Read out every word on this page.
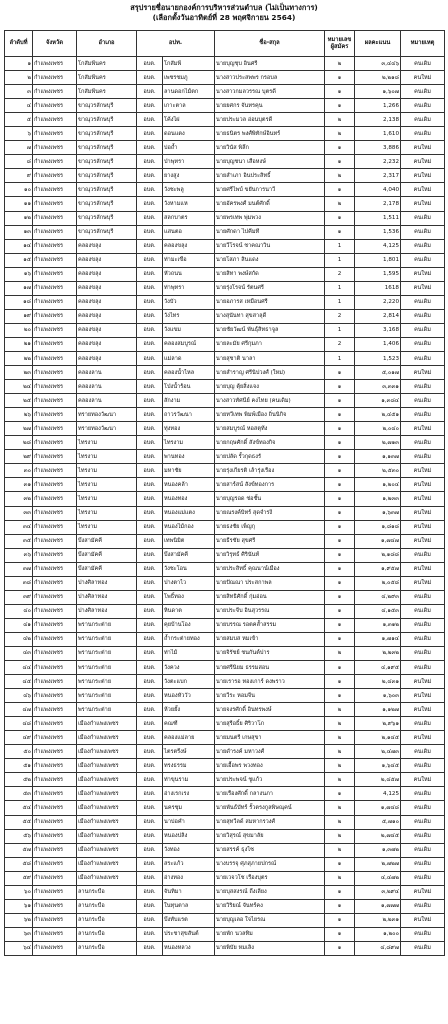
สรุปรายชื่อนายกองค์การบริหารส่วนตำบล (ไม่เป็นทางการ)
(เลือกตั้งวันอาทิตย์ที่ 28 พฤศจิกายน 2564)
ลำดับที่	จังหวัด	อำเภอ	อปท.		ชื่อ-สกุล	หมายเลขผู้สมัคร	ผลคะแนน	หมายเหตุ
๑	กำแพงเพชร	โกสัมพีนคร	อบต.	โกสัมพี	นายบุญชุบ อินศรี	๒	๓,๔๔๖	คนเดิม
๒	กำแพงเพชร	โกสัมพีนคร	อบต.	เพชรชมภู	นางสาวประสพพร กรอบล	๑	๒,๒๑๘	คนใหม่
๓	กำแพงเพชร	โกสัมพีนคร	อบต.	ลานดอกไม้ตก	นางสาวกมลวรรณ บุตรดี	๑	๑,๖๐๗	คนเดิม
๔	กำแพงเพชร	ขาณุวรลักษบุรี	อบต.	เกาะตาล	นายยศกร จันทรคุน	๑	1,266	คนเดิม
๕	กำแพงเพชร	ขาณุวรลักษบุรี	อบต.	โค้งไผ่	นายประมวล อ่อนบุตรดี	๒	2,138	คนเดิม
๖	กำแพงเพชร	ขาณุวรลักษบุรี	อบต.	ดอนแตง	นายธนิตร พงศ์พิทักษ์อินทร์	๒	1,610	คนเดิม
๗	กำแพงเพชร	ขาณุวรลักษบุรี	อบต.	บ่อถ้ำ	นายวินัส พิลึก	๑	3,886	คนใหม่
๘	กำแพงเพชร	ขาณุวรลักษบุรี	อบต.	ป่าพุทรา	นายบุญชนา เสือหงษ์	๑	2,232	คนใหม่
๙	กำแพงเพชร	ขาณุวรลักษบุรี	อบต.	ยางสูง	นายสำเภา อินประสิทธิ์	๒	2,317	คนใหม่
๑๐	กำแพงเพชร	ขาณุวรลักษบุรี	อบต.	วังชะพลู	นายศรีไพบ์ ขยันการนาวี	๑	4,040	คนใหม่
๑๑	กำแพงเพชร	ขาณุวรลักษบุรี	อบต.	วังหามแห	นายอัครพงศ์ มนต์ศักดิ์	๒	2,178	คนใหม่
๑๒	กำแพงเพชร	ขาณุวรลักษบุรี	อบต.	สลกบาตร	นายพรเทพ พุ่มพวง	๑	1,511	คนเดิม
๑๓	กำแพงเพชร	ขาณุวรลักษบุรี	อบต.	แสนตอ	นายศักดา ไปคีมที	๑	1,536	คนเดิม
๑๔	กำแพงเพชร	คลองขลุง	อบต.	คลองขลุง	นายวีโรจน์ ชาคณาวิน	1	4,125	คนเดิม
๑๕	กำแพงเพชร	คลองขลุง	อบต.	ท่ามะเขือ	นายโสภา สินแดง	1	1,801	คนเดิม
๑๖	กำแพงเพชร	คลองขลุง	อบต.	หัวถนน	นายสิทา พงษ์สกัด	2	1,595	คนใหม่
๑๗	กำแพงเพชร	คลองขลุง	อบต.	ท่าพุทรา	นายรุ่งโรจน์ รัตนศรี	1	1618	คนใหม่
๑๘	กำแพงเพชร	คลองขลุง	อบต.	วังบัว	นายอภารส เหมือนศรี	1	2,220	คนเดิม
๑๙	กำแพงเพชร	คลองขลุง	อบต.	วังไทร	นางสุนันทา สุขสาลุดี	2	2,814	คนเดิม
๒๐	กำแพงเพชร	คลองขลุง	อบต.	วังแขม	นายชัยวัฒน์ พันธุ์สิทธาจูล	1	3,168	คนเดิม
๒๑	กำแพงเพชร	คลองขลุง	อบต.	คลองสมบูรณ์	นายละมัย ศรีกุมภา	2	1,406	คนเดิม
๒๒	กำแพงเพชร	คลองขลุง	อบต.	แม่ลาด	นายสุชาติ นาลา	1	1,523	คนเดิม
๒๓	กำแพงเพชร	คลองลาน	อบต.	คลองน้ำไหล	นายสำราญ ศรีนิปวงศ์ (ใหม่)	๑	๕,๐๑๗	คนใหม่
๒๔	กำแพงเพชร	คลองลาน	อบต.	โป่งน้ำร้อน	นายบุญ ตุ้ยสิ่งแจง	๑	๓,๓๓๑	คนเดิม
๒๕	กำแพงเพชร	คลองลาน	อบต.	สักงาม	นางสาวทัศนีย์ คงไทย (คนเดิม)	๑	๑,๓๘๔	คนเดิม
๒๖	กำแพงเพชร	ทรายทองวัฒนา	อบต.	ถาวรวัฒนา	นายทวีเทพ พิมพ์เมือง ถิ่นนิกิจ	๑	๒,๔๕๑	คนเดิม
๒๗	กำแพงเพชร	ทรายทองวัฒนา	อบต.	ทุ่งทอง	นายสมบูรณ์ หอสตุท้ง	๑	๒,๐๔๐	คนใหม่
๒๘	กำแพงเพชร	ไทรงาม	อบต.	ไทรงาม	นายกฤษศักดิ์ สังข์ทองกิจ	๑	๒,๗๑๓	คนเดิม
๒๙	กำแพงเพชร	ไทรงาม	อบต.	พานทอง	นายปลัด รั้วกุดธงรั	๑	๑,๑๓๗	คนเดิม
๓๐	กำแพงเพชร	ไทรงาม	อบต.	มหาชัย	นายรุ่งเกียรติ เล้ารุ่งเรือง	๑	๒,๕๓๐	คนใหม่
๓๑	กำแพงเพชร	ไทรงาม	อบต.	หนองคล้า	นายสาร์สน์ สังข์ทองการ	๑	๑,๒๐๔	คนใหม่
๓๒	กำแพงเพชร	ไทรงาม	อบต.	หนองทอง	นายบุญรอด ช่อชั้น	๑	๑,๒๓๓	คนใหม่
๓๓	กำแพงเพชร	ไทรงาม	อบต.	หนองแม่แตง	นายณรงค์บิทร์ สุดจำรงี	๑	๑,๖๓๗	คนใหม่
๓๔	กำแพงเพชร	ไทรงาม	อบต.	หนองไม้กอง	นายธงชัย เพ็ญกุ	๑	๑,๘๑๘	คนใหม่
๓๕	กำแพงเพชร	บึงสามัคคี	อบต.	เทพนิมิต	นายธีรชัย สุขศรี	๑	๑,๗๔๗	คนใหม่
๓๖	กำแพงเพชร	บึงสามัคคี	อบต.	บึงสามัคคี	นายวิรุทธ์ ศิรินันท์	๑	๒,๑๘๘	คนเดิม
๓๗	กำแพงเพชร	บึงสามัคคี	อบต.	วังชะโอน	นายประสิทธิ์ คุณนาน์เมือง	๑	๑,๙๕๗	คนใหม่
๓๘	กำแพงเพชร	ปางศิลาทอง	อบต.	ปางตาไว	นายปัณณา ประสกาพล	๑	๒,๐๕๘	คนใหม่
๓๙	กำแพงเพชร	ปางศิลาทอง	อบต.	โพธิ์ทอง	นายสิทธิศักดิ์ กุ่มอ่อน	๑	๔,๒๙๓	คนเดิม
๔๐	กำแพงเพชร	ปางศิลาทอง	อบต.	หินดาต	นายประจีบ อินสุวรรณ	๑	๔,๑๕๓	คนเดิม
๔๑	กำแพงเพชร	พรานกระต่าย	อบต.	คุยบ้านโอง	นายบรรณ รอตคล้ำสรรม	๑	๑,๓๑๒	คนเดิม
๔๒	กำแพงเพชร	พรานกระต่าย	อบต.	ถ้ำกระต่ายทอง	นายสมบส หมเข้า	๑	๑,๗๑๔	คนเดิม
๔๓	กำแพงเพชร	พรานกระต่าย	อบต.	ท่าไม้	นายจิรัชย์ ชนกันต์ปาร	๒	๒,๒๓๒	คนเดิม
๔๔	กำแพงเพชร	พรานกระต่าย	อบต.	วังควง	นายศรีนิยม ธรรมสอน	๑	๔,๑๙๕	คนเดิม
๔๕	กำแพงเพชร	พรานกระต่าย	อบต.	วังตะแบก	นายเรารอ ทองเการ์ ดงพราว	๑	๒,๔๓๑	คนใหม่
๔๖	กำแพงเพชร	พรานกระต่าย	อบต.	หนองหัววัว	นายวีระ หอมจีน	๑	๑,๖๐๓	คนใหม่
๔๗	กำแพงเพชร	พรานกระต่าย	อบต.	ห้วยยั้ง	นายจงรศักดิ์ อินทรพงษ์	๒	๑,๑๒๗	คนใหม่
๔๘	กำแพงเพชร	เมืองกำแพงเพชร	อบต.	คณฑี	นายสุรีอธิ์ย ศิริวาโภ	๒	๒,๙๖๑	คนเดิม
๔๙	กำแพงเพชร	เมืองกำแพงเพชร	อบต.	คลองแม่ลาย	นายมนตรี เกษสุขา	๒	๒,๑๔๕	คนใหม่
๕๐	กำแพงเพชร	เมืองกำแพงเพชร	อบต.	ไตรตรึงษ์	นายดำรงค์ มหาวงศ์	๒	๒,๔๗๓	คนเดิม
๕๑	กำแพงเพชร	เมืองกำแพงเพชร	อบต.	ทรงธรรม	นายเอื้อพร พวงทอง	๒	๑,๖๔๕	คนเดิม
๕๒	กำแพงเพชร	เมืองกำแพงเพชร	อบต.	ท่าขุนราม	นายประพจน์ ชูแก้ว	๒	๒,๔๕๗	คนใหม่
๕๓	กำแพงเพชร	เมืองกำแพงเพชร	อบต.	อ่างเรกเรง	นายเรืองศักดิ์ กลางนภา	๑	4,125	คนเดิม
๕๔	กำแพงเพชร	เมืองกำแพงเพชร	อบต.	นครชุม	นายพันธ์บัทร์ รั้วตรงกูลพิษณุคน์	๒	๑,๗๔๘	คนเดิม
๕๕	กำแพงเพชร	เมืองกำแพงเพชร	อบต.	นาบ่อคำ	นายสุทวีลด์ สมหากรวงศ์	๒	๕,๗๑๐	คนเดิม
๕๖	กำแพงเพชร	เมืองกำแพงเพชร	อบต.	หนองปลิง	นายวิสุรณ์ สุขมาลัย	๒	๒,๗๔๕	คนเดิม
๕๗	กำแพงเพชร	เมืองกำแพงเพชร	อบต.	วังทอง	นายสรรค์ ธุงไซ	๒	๑,๓๗๒	คนเดิม
๕๘	กำแพงเพชร	เมืองกำแพงเพชร	อบต.	สระแก้ว	นางบรรจุ ศุภสุภายปกรณ์	๑	๒,๗๒๗	คนเดิม
๕๙	กำแพงเพชร	เมืองกำแพงเพชร	อบต.	อ่างทอง	นายเวจวโช เรืองบุตร	๒	๔,๔๗๒	คนเดิม
๖๐	กำแพงเพชร	ลานกระบือ	อบต.	จันทิมา	นายบุสสงรณ์ ถึงเลียง	๑	๓,๒๙๔	คนใหม่
๖๑	กำแพงเพชร	ลานกระบือ	อบต.	ในทุนตาล	นายวิริยณ์ จันทร์คง	๑	๑,๗๗๗	คนเดิม
๖๒	กำแพงเพชร	ลานกระบือ	อบต.	บึงทับแรต	นายบุญเลอ ใจไยรณ	๑	๒,๒๓๑	คนใหม่
๖๓	กำแพงเพชร	ลานกระบือ	อบต.	ประชาสุขสันต์	นายพัก นวลทิม	๑	๑,๒๐๐	คนเดิม
๖๔	กำแพงเพชร	ลานกระบือ	อบต.	หนองหลวง	นายพิบัย หมเลิง	๑	๔,๘๙๗	คนเดิม
